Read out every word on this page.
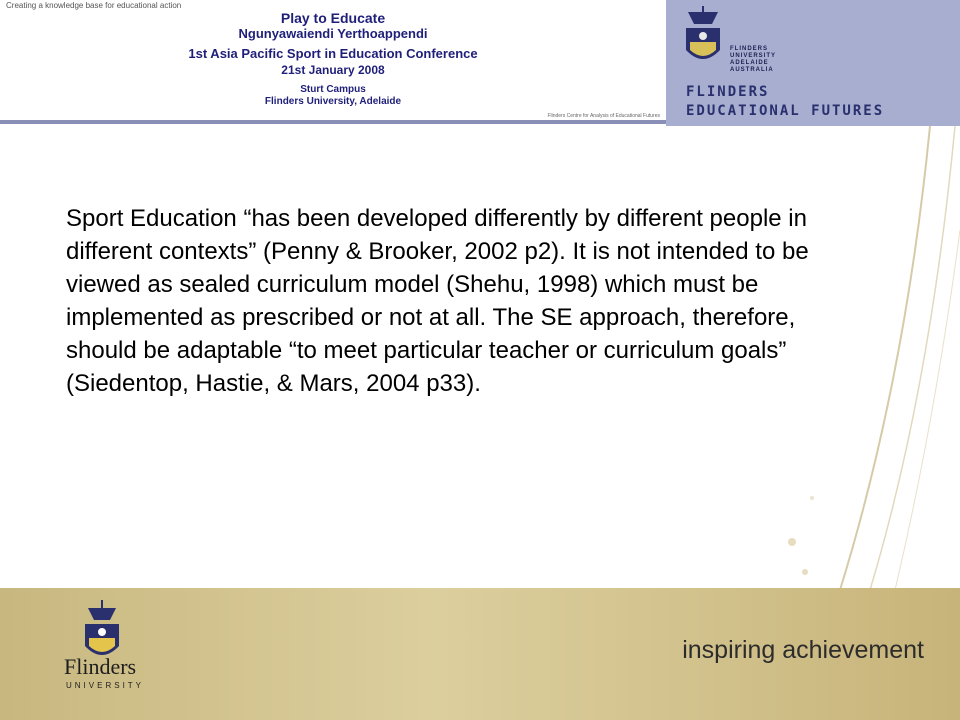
Creating a knowledge base for educational action
Play to Educate
Ngunyawaiendi Yerthoappendi
1st Asia Pacific Sport in Education Conference
21st January 2008
Sturt Campus
Flinders University, Adelaide
Flinders Centre for Analysis of Educational Futures
FLINDERS
UNIVERSITY
ADELAIDE
AUSTRALIA
FLINDERS
EDUCATIONAL FUTURES
Sport Education “has been developed differently by different people in different contexts” (Penny & Brooker, 2002 p2). It is not intended to be viewed as sealed curriculum model (Shehu, 1998) which must be implemented as prescribed or not at all. The SE approach, therefore, should be adaptable “to meet particular teacher or curriculum goals” (Siedentop, Hastie, & Mars, 2004 p33).
Flinders
UNIVERSITY
inspiring achievement
